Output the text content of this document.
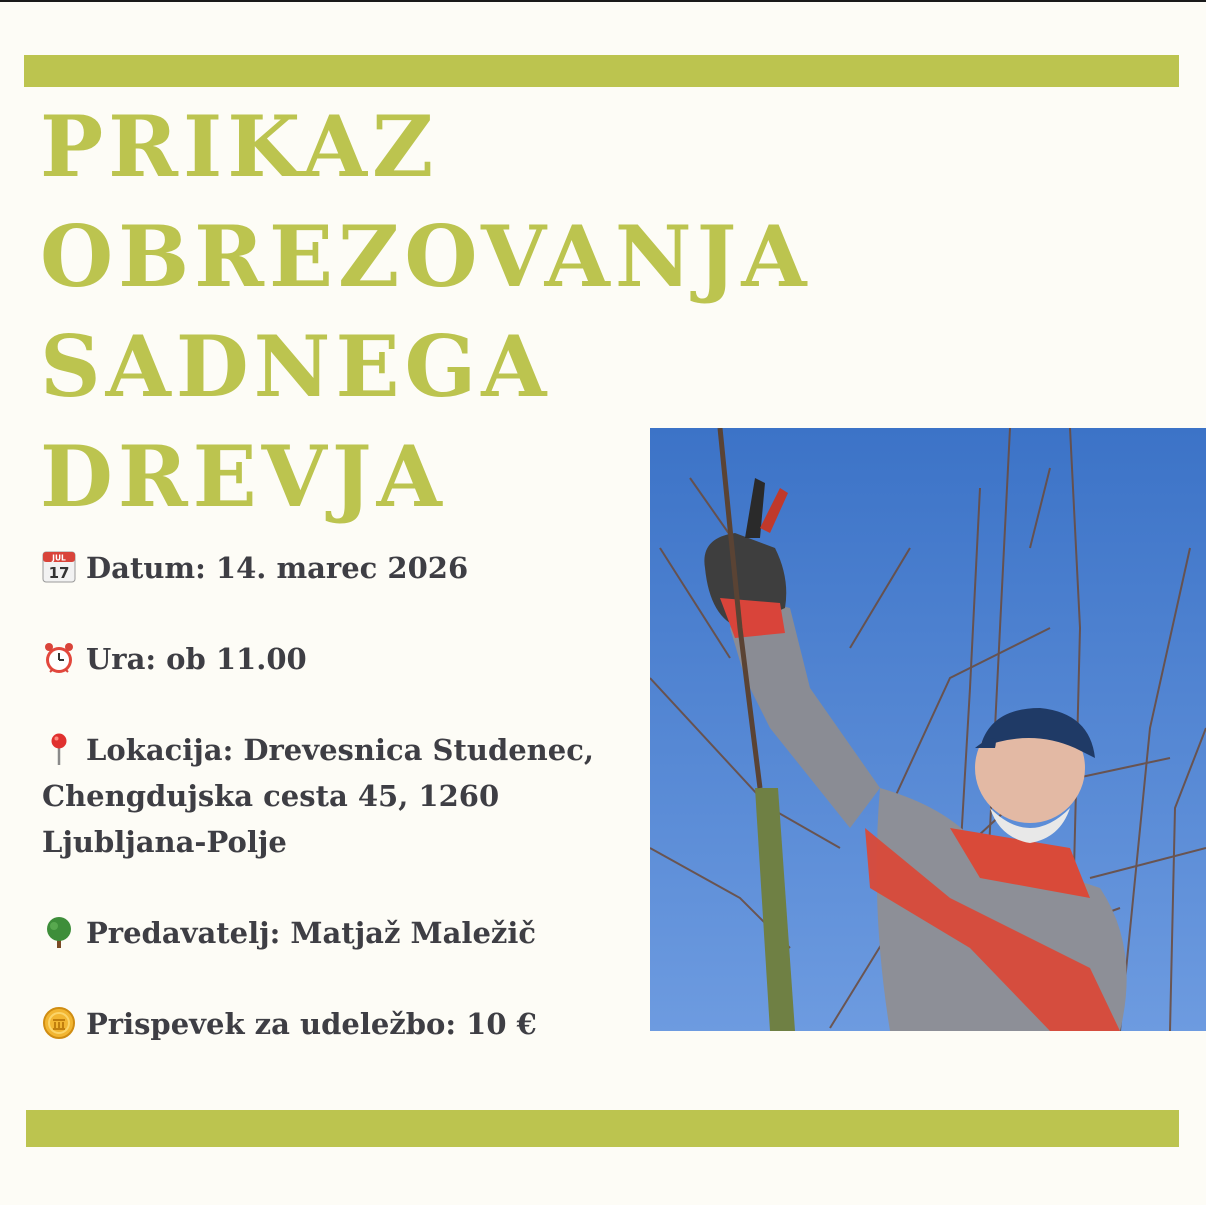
PRIKAZ
OBREZOVANJA
SADNEGA
DREVJA

JUL
17 Datum: 14. marec 2026

Ura: ob 11.00

Lokacija: Drevesnica Studenec, Chengdujska cesta 45, 1260 Ljubljana-Polje

Predavatelj: Matjaž Maležič

Prispevek za udeležbo: 10 €
